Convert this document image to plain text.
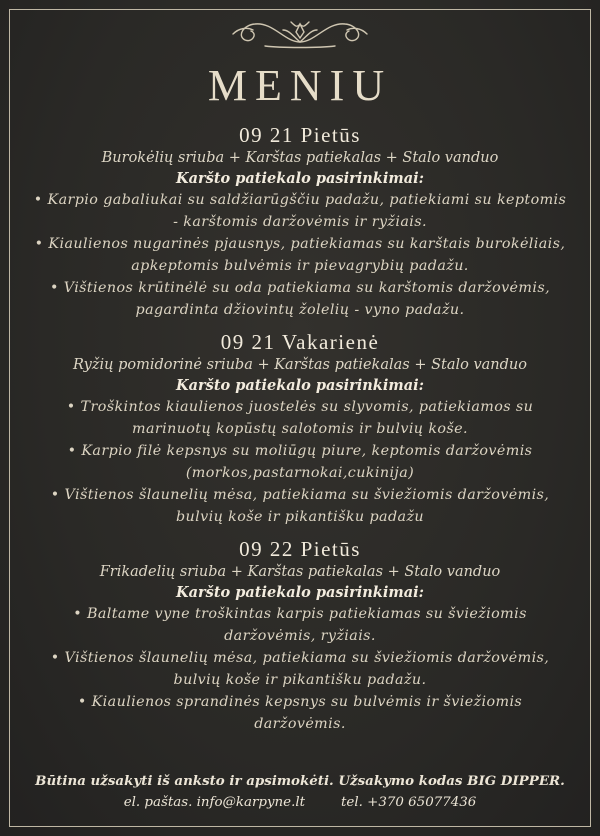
MENIU
09 21 Pietūs
Burokėlių sriuba + Karštas patiekalas + Stalo vanduo
Karšto patiekalo pasirinkimai:
• Karpio gabaliukai su saldžiarūgščiu padažu, patiekiami su keptomis - karštomis daržovėmis ir ryžiais.
• Kiaulienos nugarinės pjausnys, patiekiamas su karštais burokėliais, apkeptomis bulvėmis ir pievagrybių padažu.
• Vištienos krūtinėlė su oda patiekiama su karštomis daržovėmis, pagardinta džiovintų žolelių - vyno padažu.
09 21 Vakarienė
Ryžių pomidorinė sriuba + Karštas patiekalas + Stalo vanduo
Karšto patiekalo pasirinkimai:
• Troškintos kiaulienos juostelės su slyvomis, patiekiamos su marinuotų kopūstų salotomis ir bulvių koše.
• Karpio filė kepsnys su moliūgų piure, keptomis daržovėmis (morkos,pastarnokai,cukinija)
• Vištienos šlaunelių mėsa, patiekiama su šviežiomis daržovėmis, bulvių koše ir pikantišku padažu
09 22 Pietūs
Frikadelių sriuba + Karštas patiekalas + Stalo vanduo
Karšto patiekalo pasirinkimai:
• Baltame vyne troškintas karpis patiekiamas su šviežiomis daržovėmis, ryžiais.
• Vištienos šlaunelių mėsa, patiekiama su šviežiomis daržovėmis, bulvių koše ir pikantišku padažu.
• Kiaulienos sprandinės kepsnys su bulvėmis ir šviežiomis daržovėmis.
Būtina užsakyti iš anksto ir apsimokėti. Užsakymo kodas BIG DIPPER.
el. paštas. info@karpyne.lt	tel. +370 65077436
